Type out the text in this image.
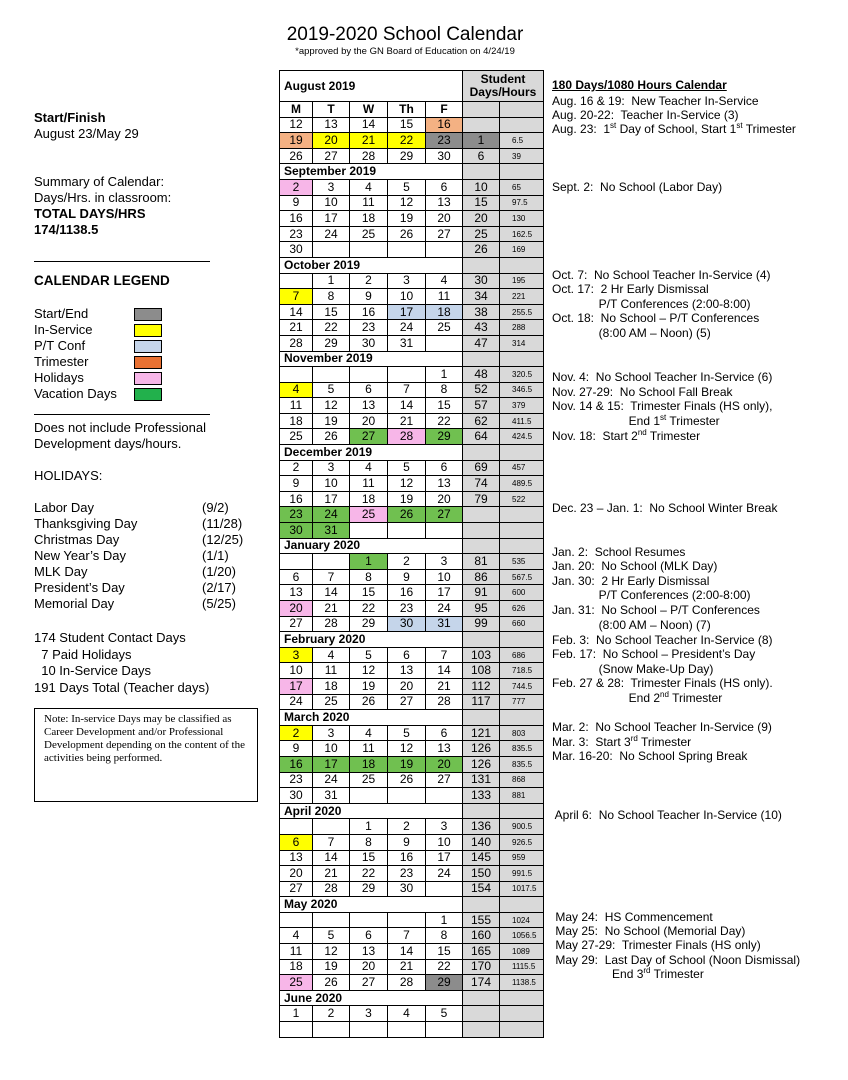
2019-2020 School Calendar
*approved by the GN Board of Education on 4/24/19
Start/Finish
August 23/May 29
Summary of Calendar:
Days/Hrs. in classroom:
TOTAL DAYS/HRS
174/1138.5
CALENDAR LEGEND
Start/End
In-Service
P/T Conf
Trimester
Holidays
Vacation Days
Does not include Professional
Development days/hours.
HOLIDAYS:
Labor Day	(9/2)
Thanksgiving Day	(11/28)
Christmas Day	(12/25)
New Year’s Day	(1/1)
MLK Day	(1/20)
President’s Day	(2/17)
Memorial Day	(5/25)
174 Student Contact Days
7 Paid Holidays
10 In-Service Days
191 Days Total (Teacher days)
Note: In-service Days may be classified as Career Development and/or Professional Development depending on the content of the activities being performed.
August 2019					Student
Days/Hours	
M	T	W	Th	F		
12	13	14	15	16		
19	20	21	22	23	1	6.5
26	27	28	29	30	6	39
September 2019						
2	3	4	5	6	10	65
9	10	11	12	13	15	97.5
16	17	18	19	20	20	130
23	24	25	26	27	25	162.5
30					26	169
October 2019						
	1	2	3	4	30	195
7	8	9	10	11	34	221
14	15	16	17	18	38	255.5
21	22	23	24	25	43	288
28	29	30	31		47	314
November 2019						
				1	48	320.5
4	5	6	7	8	52	346.5
11	12	13	14	15	57	379
18	19	20	21	22	62	411.5
25	26	27	28	29	64	424.5
December 2019						
2	3	4	5	6	69	457
9	10	11	12	13	74	489.5
16	17	18	19	20	79	522
23	24	25	26	27		
30	31					
January 2020						
		1	2	3	81	535
6	7	8	9	10	86	567.5
13	14	15	16	17	91	600
20	21	22	23	24	95	626
27	28	29	30	31	99	660
February 2020						
3	4	5	6	7	103	686
10	11	12	13	14	108	718.5
17	18	19	20	21	112	744.5
24	25	26	27	28	117	777
March 2020						
2	3	4	5	6	121	803
9	10	11	12	13	126	835.5
16	17	18	19	20	126	835.5
23	24	25	26	27	131	868
30	31				133	881
April 2020						
		1	2	3	136	900.5
6	7	8	9	10	140	926.5
13	14	15	16	17	145	959
20	21	22	23	24	150	991.5
27	28	29	30		154	1017.5
May 2020						
				1	155	1024
4	5	6	7	8	160	1056.5
11	12	13	14	15	165	1089
18	19	20	21	22	170	1115.5
25	26	27	28	29	174	1138.5
June 2020						
1	2	3	4	5		

180 Days/1080 Hours Calendar
Aug. 16 & 19:  New Teacher In-Service
Aug. 20-22:  Teacher In-Service (3)
Aug. 23:  1st Day of School, Start 1st Trimester
Sept. 2:  No School (Labor Day)
Oct. 7:  No School Teacher In-Service (4)
Oct. 17:  2 Hr Early Dismissal
P/T Conferences (2:00-8:00)
Oct. 18:  No School – P/T Conferences
(8:00 AM – Noon) (5)
Nov. 4:  No School Teacher In-Service (6)
Nov. 27-29:  No School Fall Break
Nov. 14 & 15:  Trimester Finals (HS only),
End 1st Trimester
Nov. 18:  Start 2nd Trimester
Dec. 23 – Jan. 1:  No School Winter Break
Jan. 2:  School Resumes
Jan. 20:  No School (MLK Day)
Jan. 30:  2 Hr Early Dismissal
P/T Conferences (2:00-8:00)
Jan. 31:  No School – P/T Conferences
(8:00 AM – Noon) (7)
Feb. 3:  No School Teacher In-Service (8)
Feb. 17:  No School – President’s Day
(Snow Make-Up Day)
Feb. 27 & 28:  Trimester Finals (HS only).
End 2nd Trimester
Mar. 2:  No School Teacher In-Service (9)
Mar. 3:  Start 3rd Trimester
Mar. 16-20:  No School Spring Break
April 6:  No School Teacher In-Service (10)
May 24:  HS Commencement
May 25:  No School (Memorial Day)
May 27-29:  Trimester Finals (HS only)
May 29:  Last Day of School (Noon Dismissal)
End 3rd Trimester
